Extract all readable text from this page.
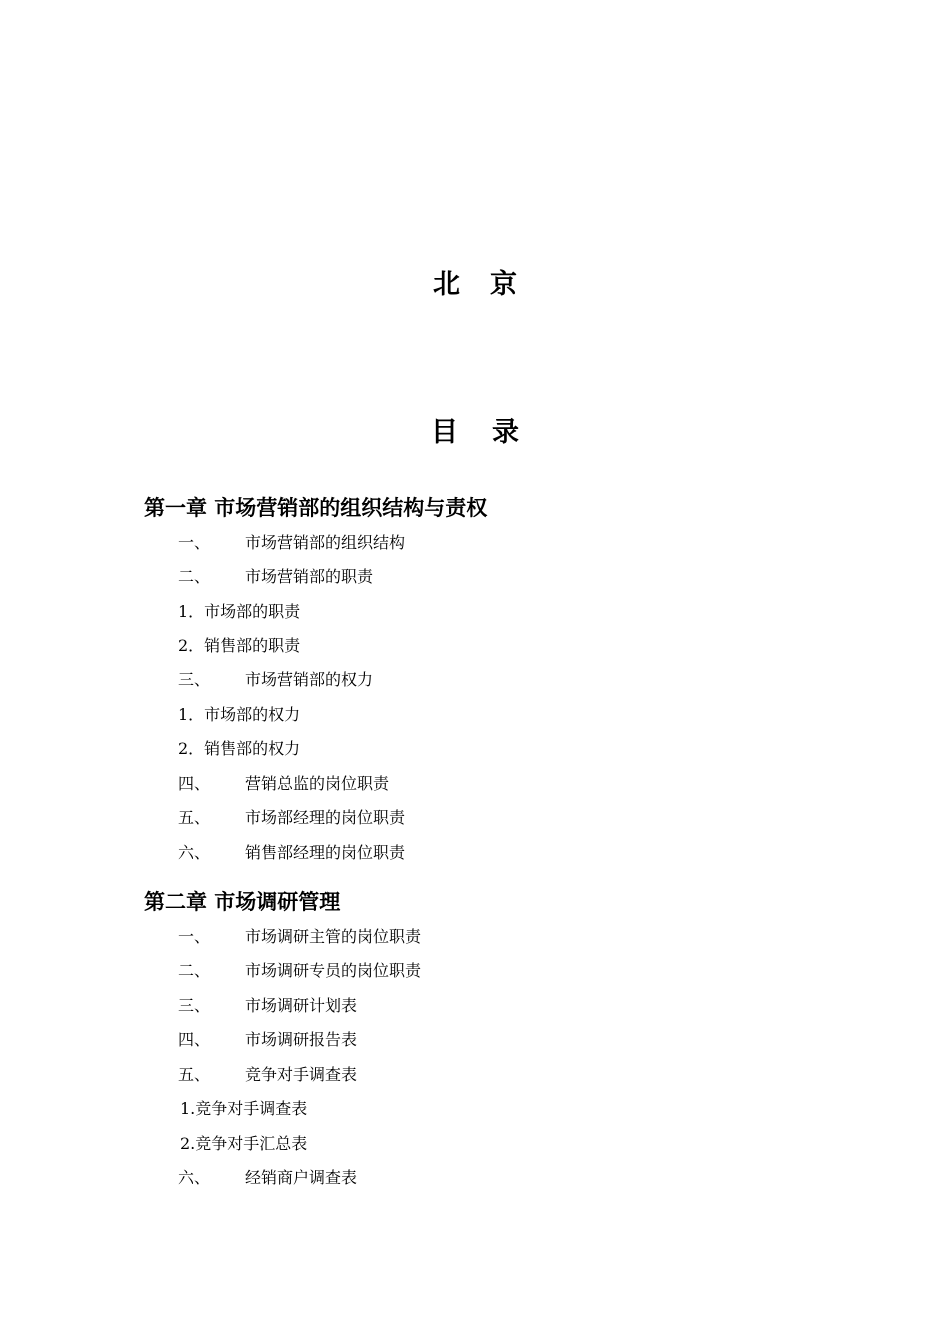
北京
目录
第一章 市场营销部的组织结构与责权
一、 市场营销部的组织结构
二、 市场营销部的职责
1．市场部的职责
2．销售部的职责
三、 市场营销部的权力
1．市场部的权力
2．销售部的权力
四、 营销总监的岗位职责
五、 市场部经理的岗位职责
六、 销售部经理的岗位职责
第二章 市场调研管理
一、 市场调研主管的岗位职责
二、 市场调研专员的岗位职责
三、 市场调研计划表
四、 市场调研报告表
五、 竞争对手调查表
1.竞争对手调查表
2.竞争对手汇总表
六、 经销商户调查表
